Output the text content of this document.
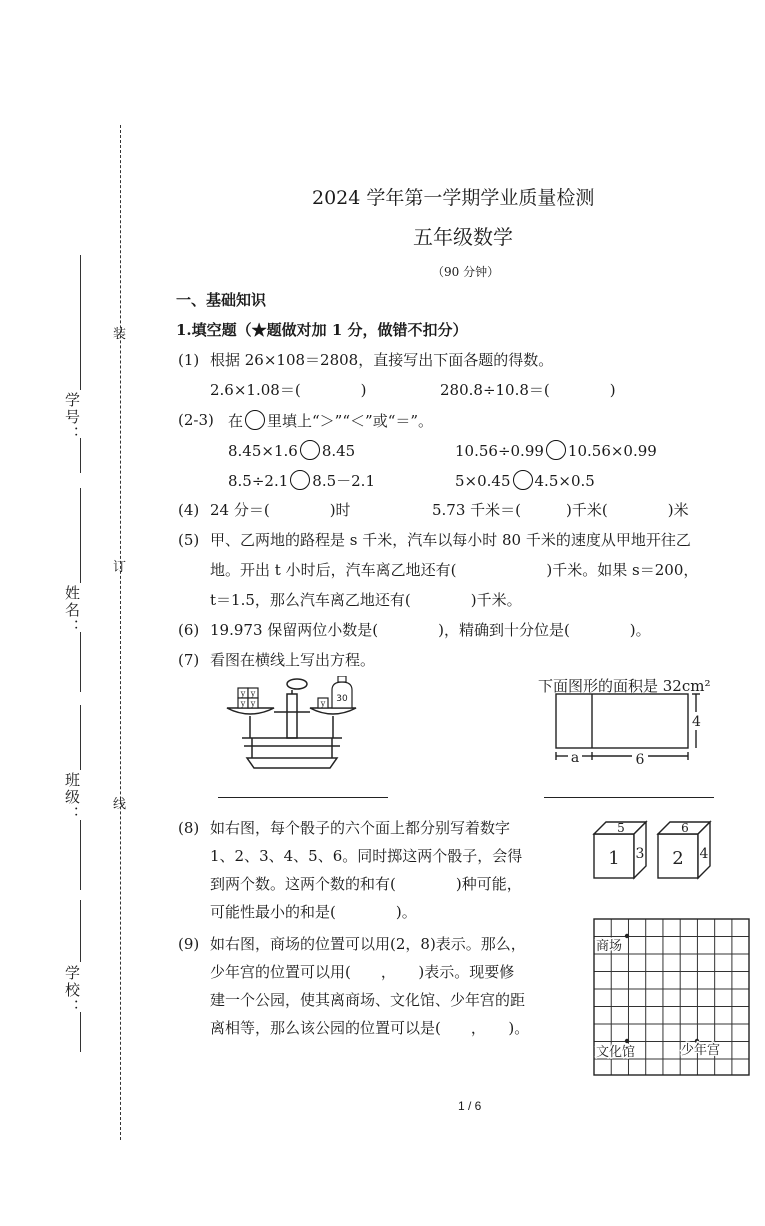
装
订
线
学号：
姓名：
班级：
学校：
2024 学年第一学期学业质量检测
五年级数学
（90 分钟）
一、基础知识
1.填空题（★题做对加 1 分，做错不扣分）
(1) 根据 26×108＝2808，直接写出下面各题的得数。
2.6×1.08＝(　　　　)	280.8÷10.8＝(　　　　)
(2-3) 在 里填上“＞”“＜”或“＝”。
8.45×1.6 8.45	10.56÷0.99 10.56×0.99
8.5÷2.1 8.5－2.1	5×0.45 4.5×0.5
(4) 24 分＝(　　　　)时	5.73 千米＝(　　　)千米(　　　　)米
(5) 甲、乙两地的路程是 s 千米，汽车以每小时 80 千米的速度从甲地开往乙
地。开出 t 小时后，汽车离乙地还有(　　　　　　)千米。如果 s＝200，
t＝1.5，那么汽车离乙地还有(　　　　)千米。
(6) 19.973 保留两位小数是(　　　　)，精确到十分位是(　　　　)。
(7) 看图在横线上写出方程。
y y
y y	y 30
下面图形的面积是 32cm²
a	6
4
(8) 如右图，每个骰子的六个面上都分别写着数字
1、2、3、4、5、6。同时掷这两个骰子，会得
到两个数。这两个数的和有(　　　　)种可能，
可能性最小的和是(　　　　)。
5
1 3
6
2 4
(9) 如右图，商场的位置可以用(2，8)表示。那么，
少年宫的位置可以用(　　，　　)表示。现要修
建一个公园，使其离商场、文化馆、少年宫的距
离相等，那么该公园的位置可以是(　　，　　)。
商场
文化馆	少年宫
1 / 6
